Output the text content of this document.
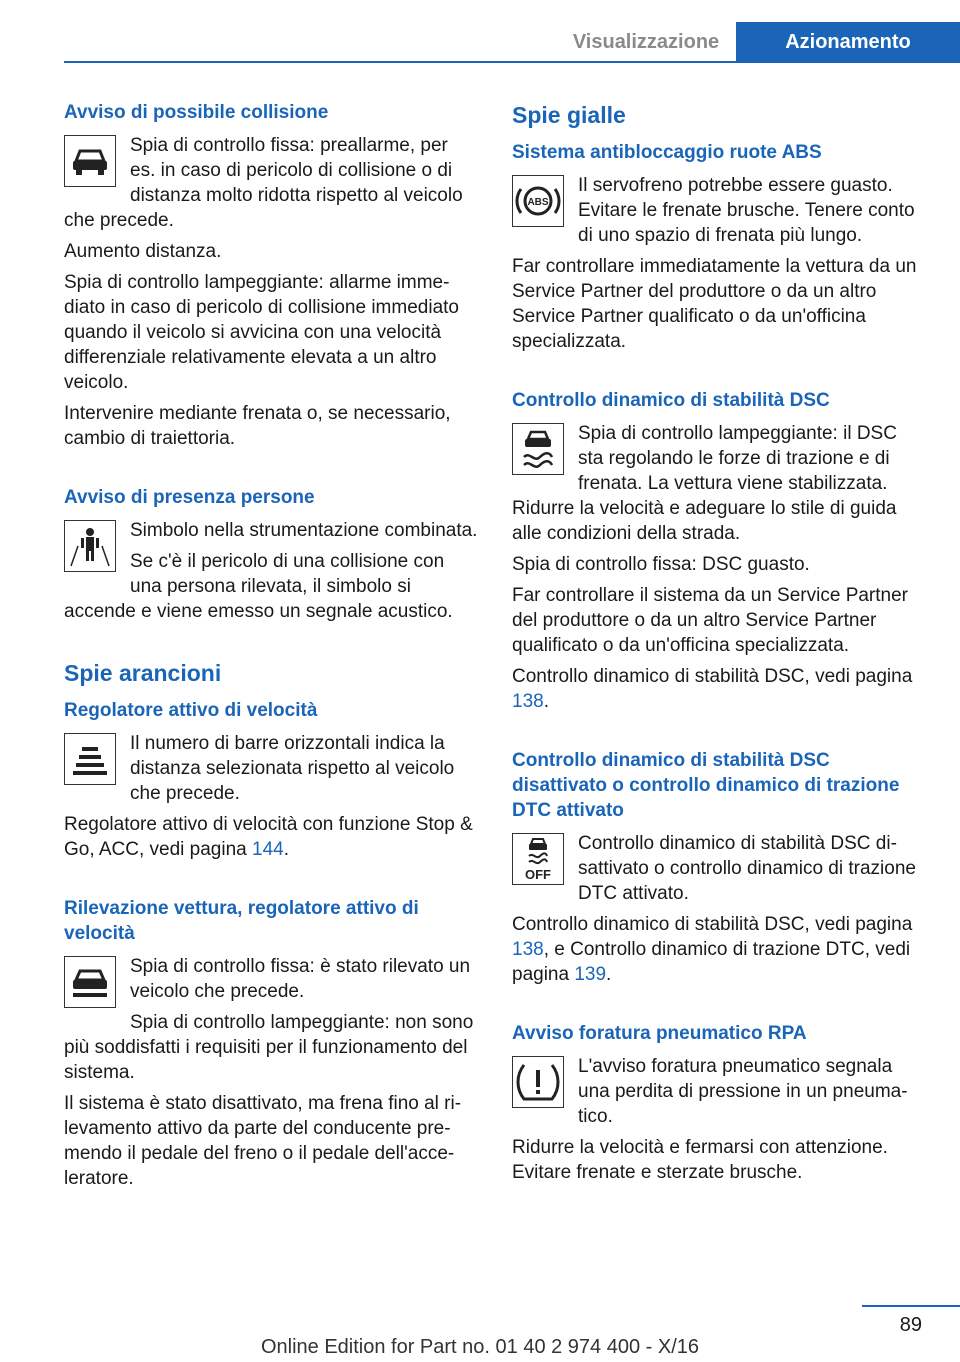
Visualizzazione	Azionamento
Avviso di possibile collisione

Spia di controllo fissa: preallarme, per es. in caso di pericolo di collisione o di distanza molto ridotta rispetto al veicolo che precede.

Aumento distanza.

Spia di controllo lampeggiante: allarme immediato in caso di pericolo di collisione immediato quando il veicolo si avvicina con una velocità differenziale relativamente elevata a un altro veicolo.

Intervenire mediante frenata o, se necessario, cambio di traiettoria.

Avviso di presenza persone

Simbolo nella strumentazione combinata.

Se c'è il pericolo di una collisione con una persona rilevata, il simbolo si accende e viene emesso un segnale acustico.

Spie arancioni
Regolatore attivo di velocità

Il numero di barre orizzontali indica la distanza selezionata rispetto al veicolo che precede.

Regolatore attivo di velocità con funzione Stop & Go, ACC, vedi pagina 144.

Rilevazione vettura, regolatore attivo di velocità

Spia di controllo fissa: è stato rilevato un veicolo che precede.

Spia di controllo lampeggiante: non sono più soddisfatti i requisiti per il funzionamento del sistema.

Il sistema è stato disattivato, ma frena fino al rilevamento attivo da parte del conducente premendo il pedale del freno o il pedale dell'acceleratore.

Spie gialle
Sistema antibloccaggio ruote ABS
ABS

Il servofreno potrebbe essere guasto. Evitare le frenate brusche. Tenere conto di uno spazio di frenata più lungo.

Far controllare immediatamente la vettura da un Service Partner del produttore o da un altro Service Partner qualificato o da un'officina specializzata.

Controllo dinamico di stabilità DSC

Spia di controllo lampeggiante: il DSC sta regolando le forze di trazione e di frenata. La vettura viene stabilizzata. Ridurre la velocità e adeguare lo stile di guida alle condizioni della strada.

Spia di controllo fissa: DSC guasto.

Far controllare il sistema da un Service Partner del produttore o da un altro Service Partner qualificato o da un'officina specializzata.

Controllo dinamico di stabilità DSC, vedi pagina 138.

Controllo dinamico di stabilità DSC disattivato o controllo dinamico di trazione DTC attivato
OFF

Controllo dinamico di stabilità DSC disattivato o controllo dinamico di trazione DTC attivato.

Controllo dinamico di stabilità DSC, vedi pagina 138, e Controllo dinamico di trazione DTC, vedi pagina 139.

Avviso foratura pneumatico RPA

L'avviso foratura pneumatico segnala una perdita di pressione in un pneumatico.

Ridurre la velocità e fermarsi con attenzione. Evitare frenate e sterzate brusche.

89
Online Edition for Part no. 01 40 2 974 400 - X/16
